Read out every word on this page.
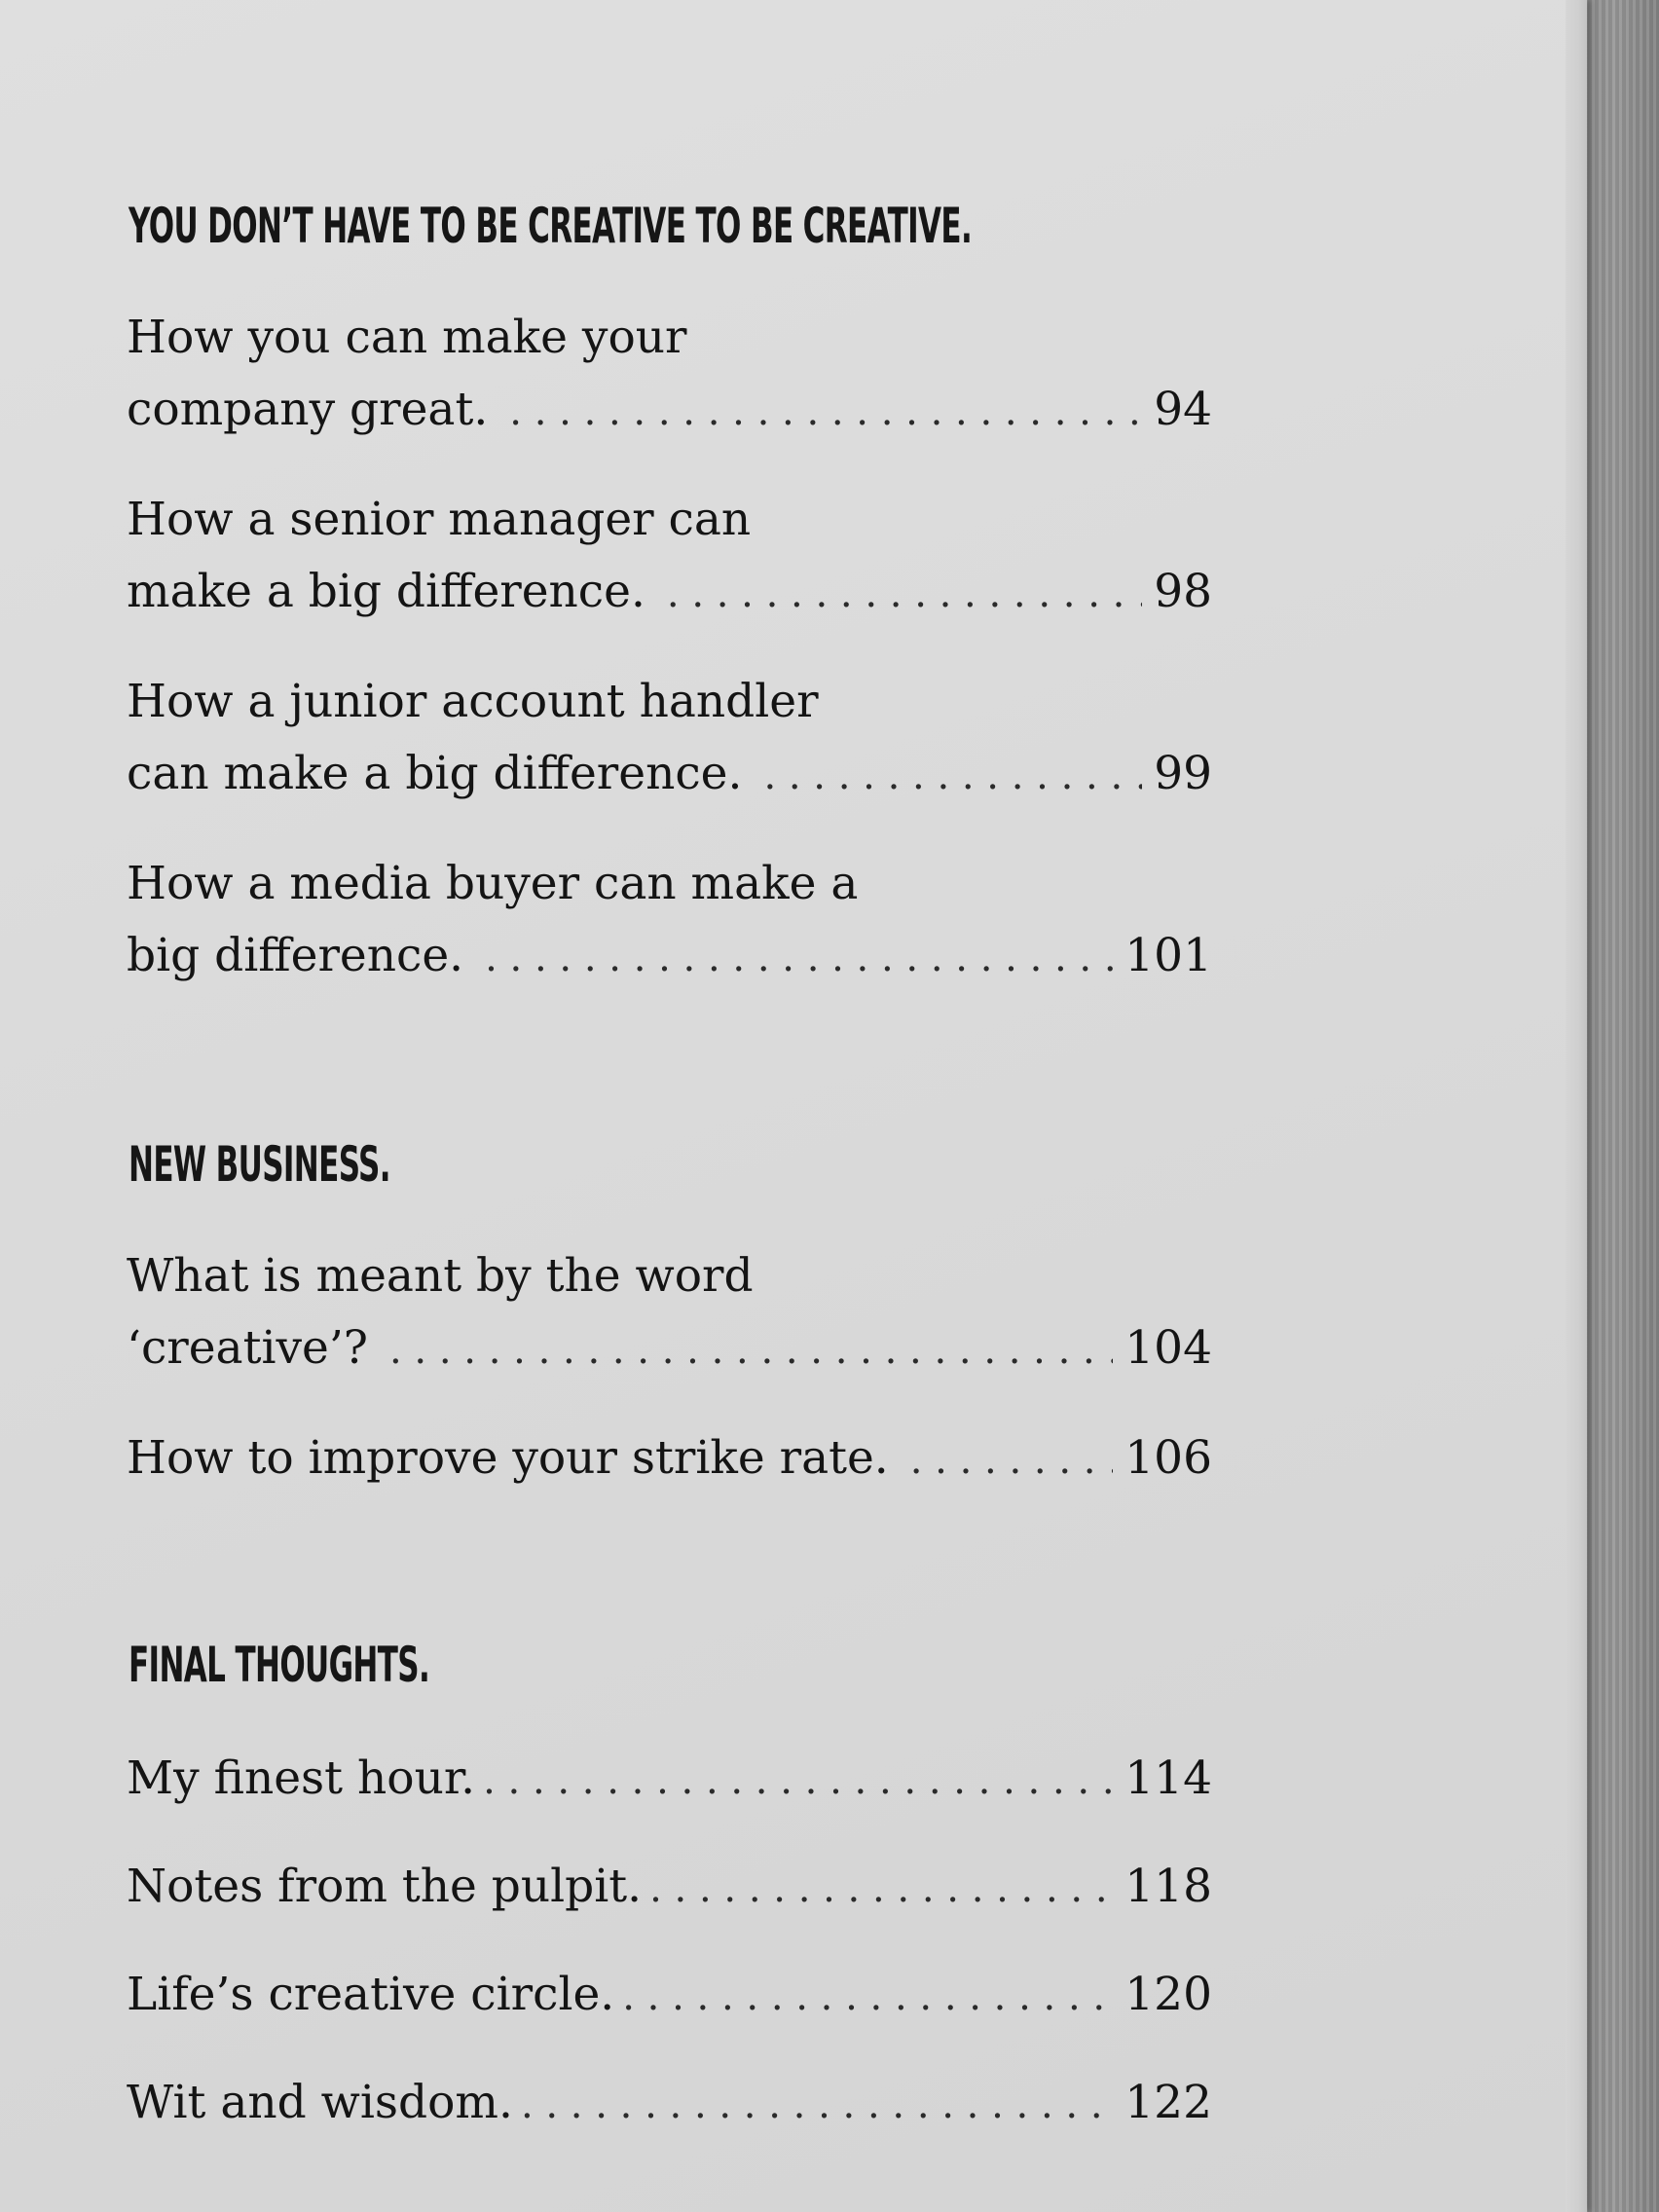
YOU DON’T HAVE TO BE CREATIVE TO BE CREATIVE.
How you can make your
company great. . . .	94
How a senior manager can
make a big difference. . . .	98
How a junior account handler
can make a big difference. . . .	99
How a media buyer can make a
big difference. . . .	101
NEW BUSINESS.
What is meant by the word
‘creative’? . . .	104
How to improve your strike rate. . . .	106
FINAL THOUGHTS.
My finest hour. . . .	114
Notes from the pulpit. . . .	118
Life’s creative circle. . . .	120
Wit and wisdom. . . .	122
